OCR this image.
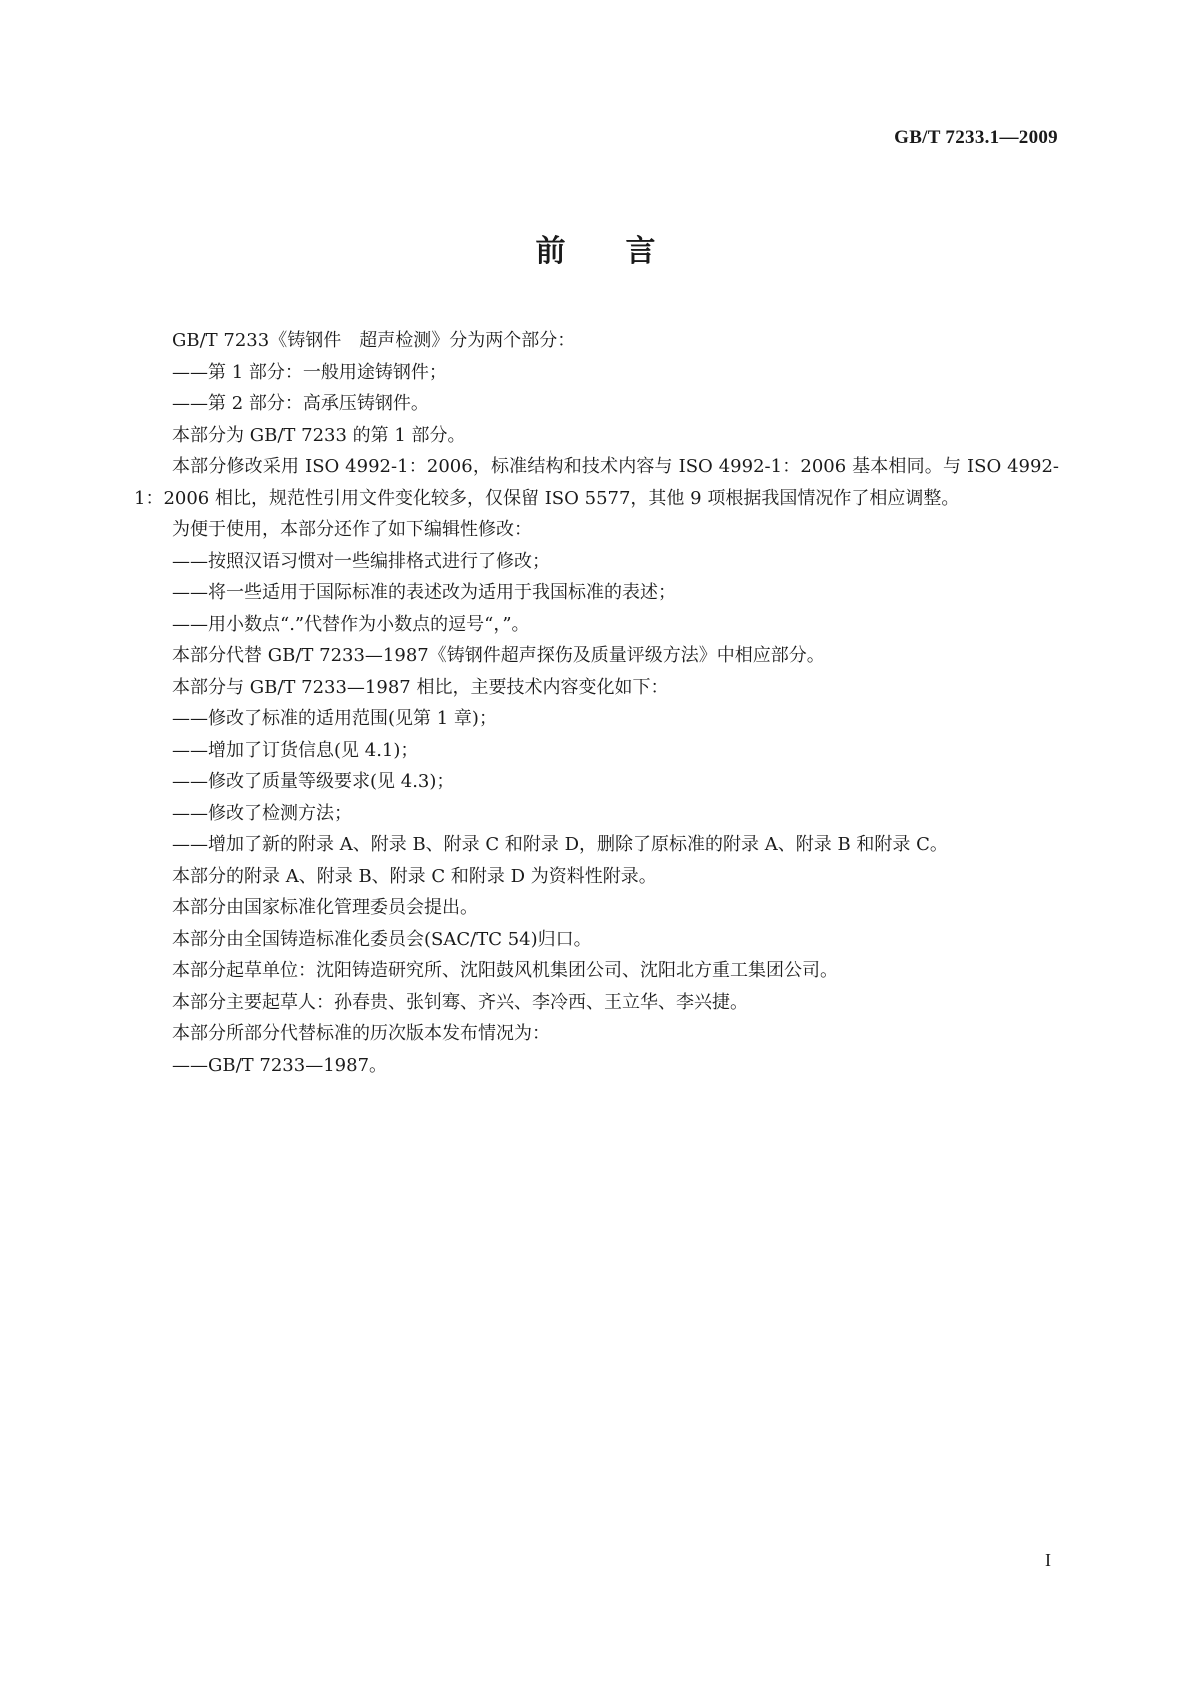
GB/T 7233.1—2009
前　　言

GB/T 7233《铸钢件　超声检测》分为两个部分：

——第 1 部分：一般用途铸钢件；

——第 2 部分：高承压铸钢件。

本部分为 GB/T 7233 的第 1 部分。

本部分修改采用 ISO 4992-1：2006，标准结构和技术内容与 ISO 4992-1：2006 基本相同。与 ISO 4992-1：2006 相比，规范性引用文件变化较多，仅保留 ISO 5577，其他 9 项根据我国情况作了相应调整。

为便于使用，本部分还作了如下编辑性修改：

——按照汉语习惯对一些编排格式进行了修改；

——将一些适用于国际标准的表述改为适用于我国标准的表述；

——用小数点“.”代替作为小数点的逗号“，”。

本部分代替 GB/T 7233—1987《铸钢件超声探伤及质量评级方法》中相应部分。

本部分与 GB/T 7233—1987 相比，主要技术内容变化如下：

——修改了标准的适用范围(见第 1 章)；

——增加了订货信息(见 4.1)；

——修改了质量等级要求(见 4.3)；

——修改了检测方法；

——增加了新的附录 A、附录 B、附录 C 和附录 D，删除了原标准的附录 A、附录 B 和附录 C。

本部分的附录 A、附录 B、附录 C 和附录 D 为资料性附录。

本部分由国家标准化管理委员会提出。

本部分由全国铸造标准化委员会(SAC/TC 54)归口。

本部分起草单位：沈阳铸造研究所、沈阳鼓风机集团公司、沈阳北方重工集团公司。

本部分主要起草人：孙春贵、张钊骞、齐兴、李冷西、王立华、李兴捷。

本部分所部分代替标准的历次版本发布情况为：

——GB/T 7233—1987。

I
